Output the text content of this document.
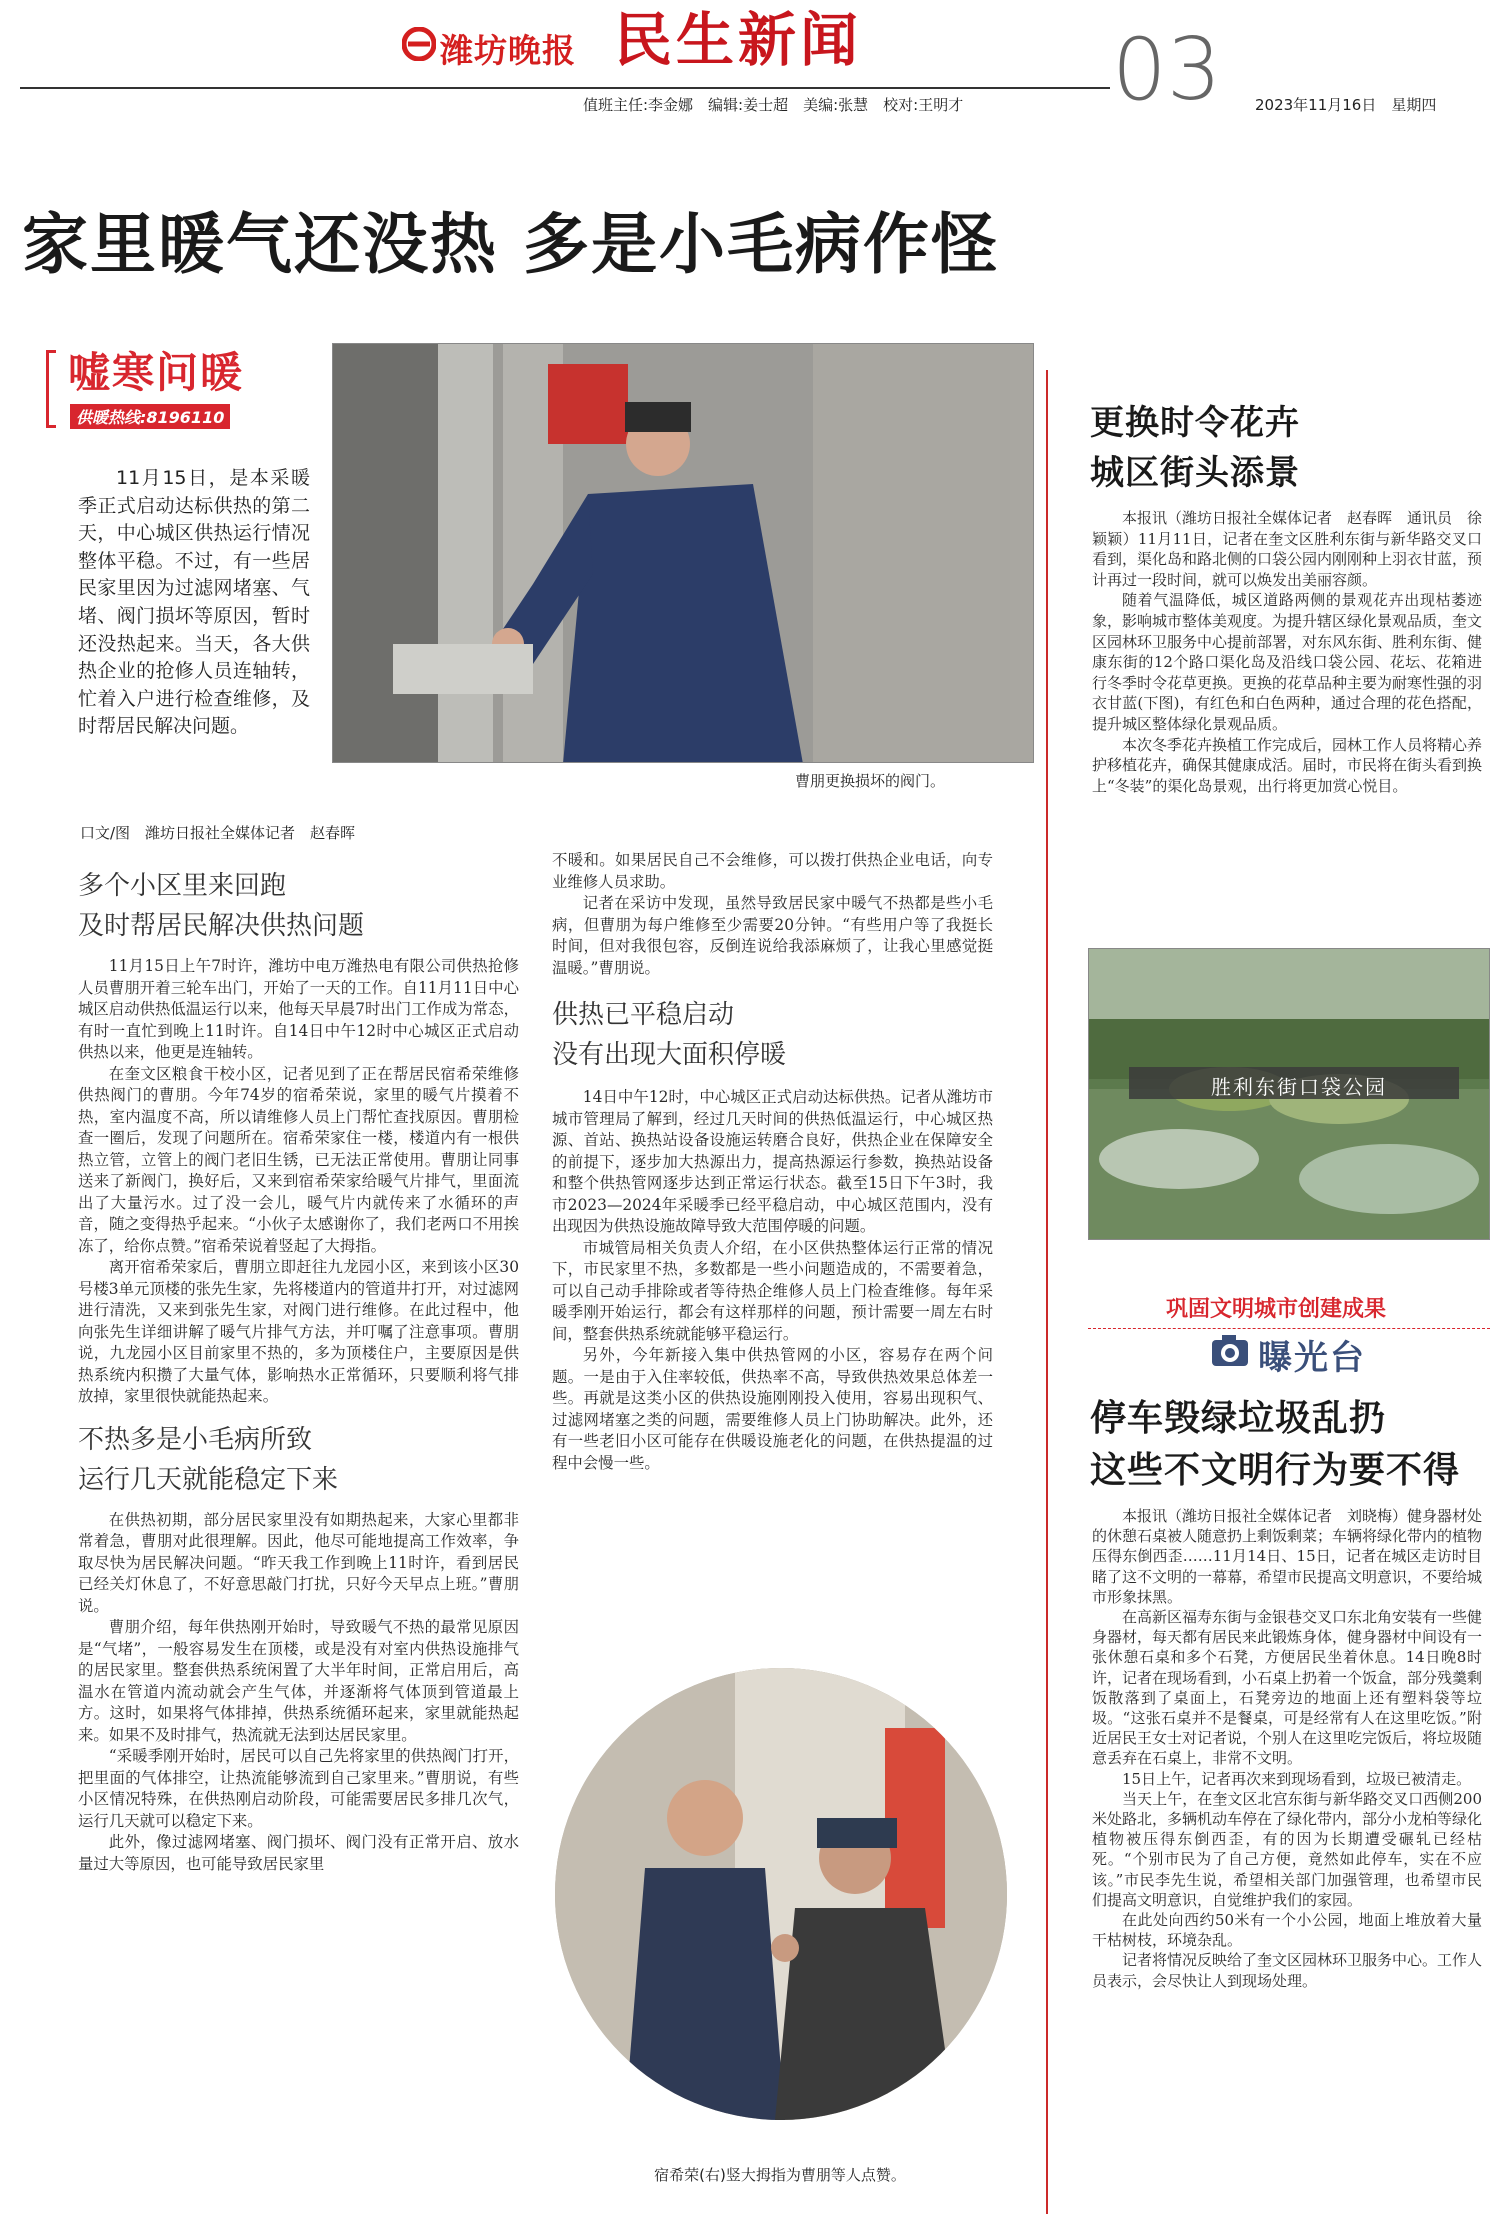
潍坊晚报 民生新闻
值班主任:李金娜　编辑:姜士超　美编:张慧　校对:王明才 03 2023年11月16日　星期四
家里暖气还没热 多是小毛病作怪
嘘寒问暖
供暖热线:8196110
11月15日，是本采暖季正式启动达标供热的第二天，中心城区供热运行情况整体平稳。不过，有一些居民家里因为过滤网堵塞、气堵、阀门损坏等原因，暂时还没热起来。当天，各大供热企业的抢修人员连轴转，忙着入户进行检查维修，及时帮居民解决问题。
曹朋更换损坏的阀门。
口文/图　潍坊日报社全媒体记者　赵春晖
多个小区里来回跑
及时帮居民解决供热问题

11月15日上午7时许，潍坊中电万潍热电有限公司供热抢修人员曹朋开着三轮车出门，开始了一天的工作。自11月11日中心城区启动供热低温运行以来，他每天早晨7时出门工作成为常态，有时一直忙到晚上11时许。自14日中午12时中心城区正式启动供热以来，他更是连轴转。

在奎文区粮食干校小区，记者见到了正在帮居民宿希荣维修供热阀门的曹朋。今年74岁的宿希荣说，家里的暖气片摸着不热，室内温度不高，所以请维修人员上门帮忙查找原因。曹朋检查一圈后，发现了问题所在。宿希荣家住一楼，楼道内有一根供热立管，立管上的阀门老旧生锈，已无法正常使用。曹朋让同事送来了新阀门，换好后，又来到宿希荣家给暖气片排气，里面流出了大量污水。过了没一会儿，暖气片内就传来了水循环的声音，随之变得热乎起来。“小伙子太感谢你了，我们老两口不用挨冻了，给你点赞。”宿希荣说着竖起了大拇指。

离开宿希荣家后，曹朋立即赶往九龙园小区，来到该小区30号楼3单元顶楼的张先生家，先将楼道内的管道井打开，对过滤网进行清洗，又来到张先生家，对阀门进行维修。在此过程中，他向张先生详细讲解了暖气片排气方法，并叮嘱了注意事项。曹朋说，九龙园小区目前家里不热的，多为顶楼住户，主要原因是供热系统内积攒了大量气体，影响热水正常循环，只要顺利将气排放掉，家里很快就能热起来。

不热多是小毛病所致
运行几天就能稳定下来

在供热初期，部分居民家里没有如期热起来，大家心里都非常着急，曹朋对此很理解。因此，他尽可能地提高工作效率，争取尽快为居民解决问题。“昨天我工作到晚上11时许，看到居民已经关灯休息了，不好意思敲门打扰，只好今天早点上班。”曹朋说。

曹朋介绍，每年供热刚开始时，导致暖气不热的最常见原因是“气堵”，一般容易发生在顶楼，或是没有对室内供热设施排气的居民家里。整套供热系统闲置了大半年时间，正常启用后，高温水在管道内流动就会产生气体，并逐渐将气体顶到管道最上方。这时，如果将气体排掉，供热系统循环起来，家里就能热起来。如果不及时排气，热流就无法到达居民家里。

“采暖季刚开始时，居民可以自己先将家里的供热阀门打开，把里面的气体排空，让热流能够流到自己家里来。”曹朋说，有些小区情况特殊，在供热刚启动阶段，可能需要居民多排几次气，运行几天就可以稳定下来。

此外，像过滤网堵塞、阀门损坏、阀门没有正常开启、放水量过大等原因，也可能导致居民家里

不暖和。如果居民自己不会维修，可以拨打供热企业电话，向专业维修人员求助。

记者在采访中发现，虽然导致居民家中暖气不热都是些小毛病，但曹朋为每户维修至少需要20分钟。“有些用户等了我挺长时间，但对我很包容，反倒连说给我添麻烦了，让我心里感觉挺温暖。”曹朋说。

供热已平稳启动
没有出现大面积停暖

14日中午12时，中心城区正式启动达标供热。记者从潍坊市城市管理局了解到，经过几天时间的供热低温运行，中心城区热源、首站、换热站设备设施运转磨合良好，供热企业在保障安全的前提下，逐步加大热源出力，提高热源运行参数，换热站设备和整个供热管网逐步达到正常运行状态。截至15日下午3时，我市2023—2024年采暖季已经平稳启动，中心城区范围内，没有出现因为供热设施故障导致大范围停暖的问题。

市城管局相关负责人介绍，在小区供热整体运行正常的情况下，市民家里不热，多数都是一些小问题造成的，不需要着急，可以自己动手排除或者等待热企维修人员上门检查维修。每年采暖季刚开始运行，都会有这样那样的问题，预计需要一周左右时间，整套供热系统就能够平稳运行。

另外，今年新接入集中供热管网的小区，容易存在两个问题。一是由于入住率较低，供热率不高，导致供热效果总体差一些。再就是这类小区的供热设施刚刚投入使用，容易出现积气、过滤网堵塞之类的问题，需要维修人员上门协助解决。此外，还有一些老旧小区可能存在供暖设施老化的问题，在供热提温的过程中会慢一些。

宿希荣(右)竖大拇指为曹朋等人点赞。
更换时令花卉
城区街头添景

本报讯（潍坊日报社全媒体记者　赵春晖　通讯员　徐颖颖）11月11日，记者在奎文区胜利东街与新华路交叉口看到，渠化岛和路北侧的口袋公园内刚刚种上羽衣甘蓝，预计再过一段时间，就可以焕发出美丽容颜。

随着气温降低，城区道路两侧的景观花卉出现枯萎迹象，影响城市整体美观度。为提升辖区绿化景观品质，奎文区园林环卫服务中心提前部署，对东风东街、胜利东街、健康东街的12个路口渠化岛及沿线口袋公园、花坛、花箱进行冬季时令花草更换。更换的花草品种主要为耐寒性强的羽衣甘蓝(下图)，有红色和白色两种，通过合理的花色搭配，提升城区整体绿化景观品质。

本次冬季花卉换植工作完成后，园林工作人员将精心养护移植花卉，确保其健康成活。届时，市民将在街头看到换上“冬装”的渠化岛景观，出行将更加赏心悦目。

胜利东街口袋公园
巩固文明城市创建成果
曝光台
停车毁绿垃圾乱扔
这些不文明行为要不得

本报讯（潍坊日报社全媒体记者　刘晓梅）健身器材处的休憩石桌被人随意扔上剩饭剩菜；车辆将绿化带内的植物压得东倒西歪……11月14日、15日，记者在城区走访时目睹了这不文明的一幕幕，希望市民提高文明意识，不要给城市形象抹黑。

在高新区福寿东街与金银巷交叉口东北角安装有一些健身器材，每天都有居民来此锻炼身体，健身器材中间设有一张休憩石桌和多个石凳，方便居民坐着休息。14日晚8时许，记者在现场看到，小石桌上扔着一个饭盒，部分残羹剩饭散落到了桌面上，石凳旁边的地面上还有塑料袋等垃圾。“这张石桌并不是餐桌，可是经常有人在这里吃饭。”附近居民王女士对记者说，个别人在这里吃完饭后，将垃圾随意丢弃在石桌上，非常不文明。

15日上午，记者再次来到现场看到，垃圾已被清走。

当天上午，在奎文区北宫东街与新华路交叉口西侧200米处路北，多辆机动车停在了绿化带内，部分小龙柏等绿化植物被压得东倒西歪，有的因为长期遭受碾轧已经枯死。“个别市民为了自己方便，竟然如此停车，实在不应该。”市民李先生说，希望相关部门加强管理，也希望市民们提高文明意识，自觉维护我们的家园。

在此处向西约50米有一个小公园，地面上堆放着大量干枯树枝，环境杂乱。

记者将情况反映给了奎文区园林环卫服务中心。工作人员表示，会尽快让人到现场处理。
